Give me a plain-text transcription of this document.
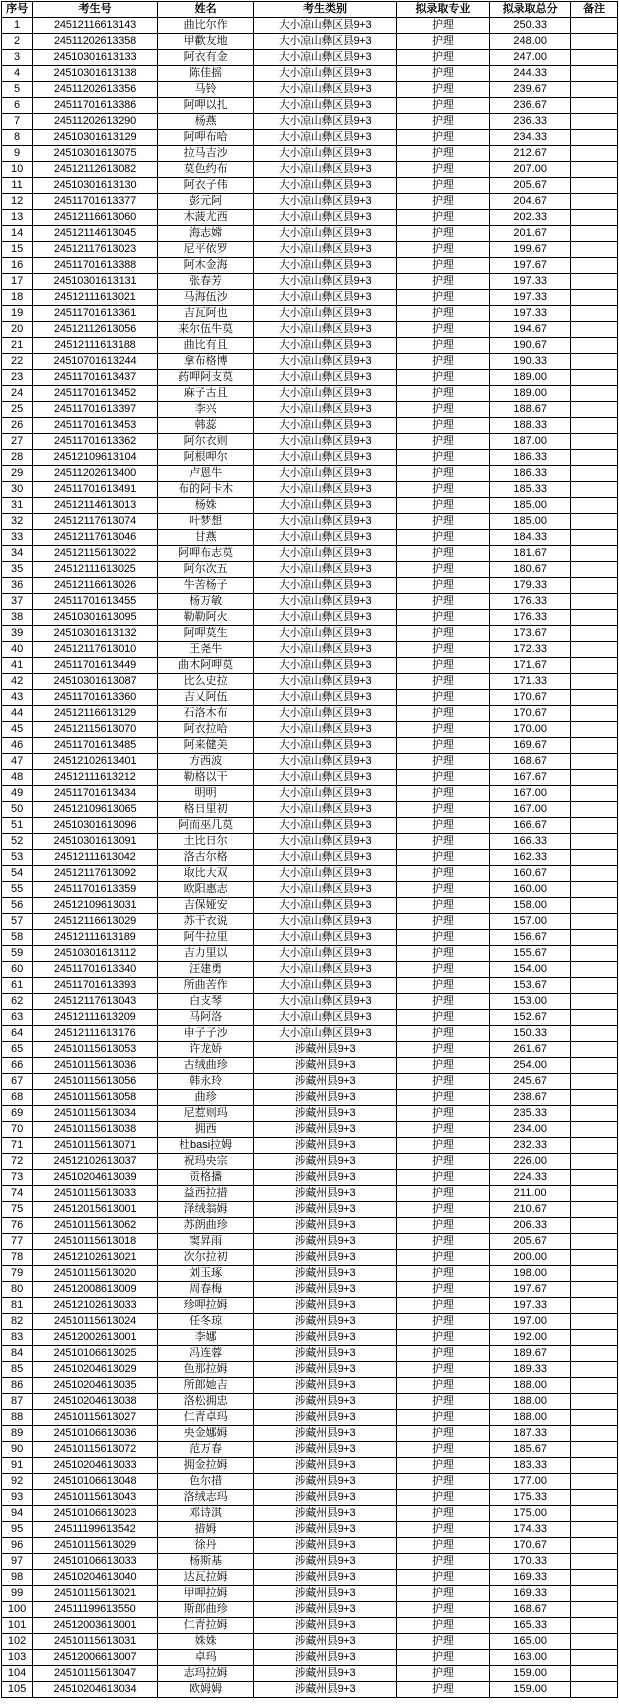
序号	考生号	姓名	考生类别	拟录取专业	拟录取总分	备注
1	24512116613143	曲比尔作	大小凉山彝区县9+3	护理	250.33	
2	24511202613358	甲歡友地	大小凉山彝区县9+3	护理	248.00	
3	24510301613133	阿衣有金	大小凉山彝区县9+3	护理	247.00	
4	24510301613138	陈佳摇	大小凉山彝区县9+3	护理	244.33	
5	24511202613356	马铃	大小凉山彝区县9+3	护理	239.67	
6	24511701613386	阿呷以扎	大小凉山彝区县9+3	护理	236.67	
7	24511202613290	杨燕	大小凉山彝区县9+3	护理	236.33	
8	24510301613129	阿呷布哈	大小凉山彝区县9+3	护理	234.33	
9	24510301613075	拉马吉沙	大小凉山彝区县9+3	护理	212.67	
10	24512112613082	莫色约布	大小凉山彝区县9+3	护理	207.00	
11	24510301613130	阿衣子伟	大小凉山彝区县9+3	护理	205.67	
12	24511701613377	彭元阿	大小凉山彝区县9+3	护理	204.67	
13	24512116613060	木菠尤西	大小凉山彝区县9+3	护理	202.33	
14	24512114613045	海志嫦	大小凉山彝区县9+3	护理	201.67	
15	24512117613023	尼平依罗	大小凉山彝区县9+3	护理	199.67	
16	24511701613388	阿木金海	大小凉山彝区县9+3	护理	197.67	
17	24510301613131	张春芳	大小凉山彝区县9+3	护理	197.33	
18	24512111613021	马海伍沙	大小凉山彝区县9+3	护理	197.33	
19	24511701613361	吉瓦阿也	大小凉山彝区县9+3	护理	197.33	
20	24512112613056	来尔伍牛莫	大小凉山彝区县9+3	护理	194.67	
21	24512111613188	曲比有且	大小凉山彝区县9+3	护理	190.67	
22	24510701613244	拿布格博	大小凉山彝区县9+3	护理	190.33	
23	24511701613437	药呷阿支莫	大小凉山彝区县9+3	护理	189.00	
24	24511701613452	麻子古且	大小凉山彝区县9+3	护理	189.00	
25	24511701613397	李兴	大小凉山彝区县9+3	护理	188.67	
26	24511701613453	韩蕊	大小凉山彝区县9+3	护理	188.33	
27	24511701613362	阿尔衣则	大小凉山彝区县9+3	护理	187.00	
28	24512109613104	阿根呷尔	大小凉山彝区县9+3	护理	186.33	
29	24511202613400	卢恩牛	大小凉山彝区县9+3	护理	186.33	
30	24511701613491	布的阿卡木	大小凉山彝区县9+3	护理	185.33	
31	24512114613013	杨姝	大小凉山彝区县9+3	护理	185.00	
32	24512117613074	叶梦想	大小凉山彝区县9+3	护理	185.00	
33	24512117613046	甘燕	大小凉山彝区县9+3	护理	184.33	
34	24512115613022	阿呷布志莫	大小凉山彝区县9+3	护理	181.67	
35	24512111613025	阿尔次五	大小凉山彝区县9+3	护理	180.67	
36	24512116613026	牛苦杨子	大小凉山彝区县9+3	护理	179.33	
37	24511701613455	杨万敏	大小凉山彝区县9+3	护理	176.33	
38	24510301613095	勒勒阿火	大小凉山彝区县9+3	护理	176.33	
39	24510301613132	阿呷莫生	大小凉山彝区县9+3	护理	173.67	
40	24512117613010	王尧牛	大小凉山彝区县9+3	护理	172.33	
41	24511701613449	曲木阿呷莫	大小凉山彝区县9+3	护理	171.67	
42	24510301613087	比么史拉	大小凉山彝区县9+3	护理	171.33	
43	24511701613360	吉乂阿伍	大小凉山彝区县9+3	护理	170.67	
44	24512116613129	石洛木布	大小凉山彝区县9+3	护理	170.67	
45	24512115613070	阿衣拉哈	大小凉山彝区县9+3	护理	170.00	
46	24511701613485	阿来健美	大小凉山彝区县9+3	护理	169.67	
47	24512102613401	方西波	大小凉山彝区县9+3	护理	168.67	
48	24512111613212	勒格以干	大小凉山彝区县9+3	护理	167.67	
49	24511701613434	明明	大小凉山彝区县9+3	护理	167.00	
50	24512109613065	格日里初	大小凉山彝区县9+3	护理	167.00	
51	24510301613096	阿而巫几莫	大小凉山彝区县9+3	护理	166.67	
52	24510301613091	土比日尔	大小凉山彝区县9+3	护理	166.33	
53	24512111613042	洛古尔格	大小凉山彝区县9+3	护理	162.33	
54	24512117613092	取比大双	大小凉山彝区县9+3	护理	160.67	
55	24511701613359	欧阳惠志	大小凉山彝区县9+3	护理	160.00	
56	24512109613031	吉保娅安	大小凉山彝区县9+3	护理	158.00	
57	24512116613029	苏干衣说	大小凉山彝区县9+3	护理	157.00	
58	24512111613189	阿牛拉里	大小凉山彝区县9+3	护理	156.67	
59	24510301613112	吉力里以	大小凉山彝区县9+3	护理	155.67	
60	24511701613340	汪建勇	大小凉山彝区县9+3	护理	154.00	
61	24511701613393	所曲苦作	大小凉山彝区县9+3	护理	153.67	
62	24512117613043	白支琴	大小凉山彝区县9+3	护理	153.00	
63	24512111613209	马阿洛	大小凉山彝区县9+3	护理	152.67	
64	24512111613176	申子子沙	大小凉山彝区县9+3	护理	150.33	
65	24510115613053	许龙娇	涉藏州县9+3	护理	261.67	
66	24510115613036	古绒曲珍	涉藏州县9+3	护理	254.00	
67	24510115613056	韩永玲	涉藏州县9+3	护理	245.67	
68	24510115613058	曲珍	涉藏州县9+3	护理	238.67	
69	24510115613034	尼惹则玛	涉藏州县9+3	护理	235.33	
70	24510115613038	拥西	涉藏州县9+3	护理	234.00	
71	24510115613071	杜basi拉姆	涉藏州县9+3	护理	232.33	
72	24512102613037	祝玛央宗	涉藏州县9+3	护理	226.00	
73	24510204613039	贡格播	涉藏州县9+3	护理	224.33	
74	24510115613033	益西拉措	涉藏州县9+3	护理	211.00	
75	24512015613001	泽绒翁姆	涉藏州县9+3	护理	210.67	
76	24510115613062	苏朗曲珍	涉藏州县9+3	护理	206.33	
77	24510115613018	窦昇雨	涉藏州县9+3	护理	205.67	
78	24512102613021	次尔拉初	涉藏州县9+3	护理	200.00	
79	24510115613020	刘玉琢	涉藏州县9+3	护理	198.00	
80	24512008613009	周春梅	涉藏州县9+3	护理	197.67	
81	24512102613033	珍呷拉姆	涉藏州县9+3	护理	197.33	
82	24510115613024	任冬琼	涉藏州县9+3	护理	197.00	
83	24512002613001	李娜	涉藏州县9+3	护理	192.00	
84	24510106613025	冯连蓉	涉藏州县9+3	护理	189.67	
85	24510204613029	色那拉姆	涉藏州县9+3	护理	189.33	
86	24510204613035	所郎她吉	涉藏州县9+3	护理	188.00	
87	24510204613038	洛松拥忠	涉藏州县9+3	护理	188.00	
88	24510115613027	仁青卓玛	涉藏州县9+3	护理	188.00	
89	24510106613036	央金娜姆	涉藏州县9+3	护理	187.33	
90	24510115613072	范万春	涉藏州县9+3	护理	185.67	
91	24510204613033	拥金拉姆	涉藏州县9+3	护理	183.33	
92	24510106613048	色尔措	涉藏州县9+3	护理	177.00	
93	24510115613043	洛绒志玛	涉藏州县9+3	护理	175.33	
94	24510106613023	邓诗淇	涉藏州县9+3	护理	175.00	
95	24511199613542	措姆	涉藏州县9+3	护理	174.33	
96	24510115613029	徐丹	涉藏州县9+3	护理	170.67	
97	24510106613033	杨斯基	涉藏州县9+3	护理	170.33	
98	24510204613040	达瓦拉姆	涉藏州县9+3	护理	169.33	
99	24510115613021	甲呷拉姆	涉藏州县9+3	护理	169.33	
100	24511199613550	斯郎曲珍	涉藏州县9+3	护理	168.67	
101	24512003613001	仁青拉姆	涉藏州县9+3	护理	165.33	
102	24510115613031	姝姝	涉藏州县9+3	护理	165.00	
103	24512006613007	卓玛	涉藏州县9+3	护理	163.00	
104	24510115613047	志玛拉姆	涉藏州县9+3	护理	159.00	
105	24510204613034	欧姆姆	涉藏州县9+3	护理	159.00	
